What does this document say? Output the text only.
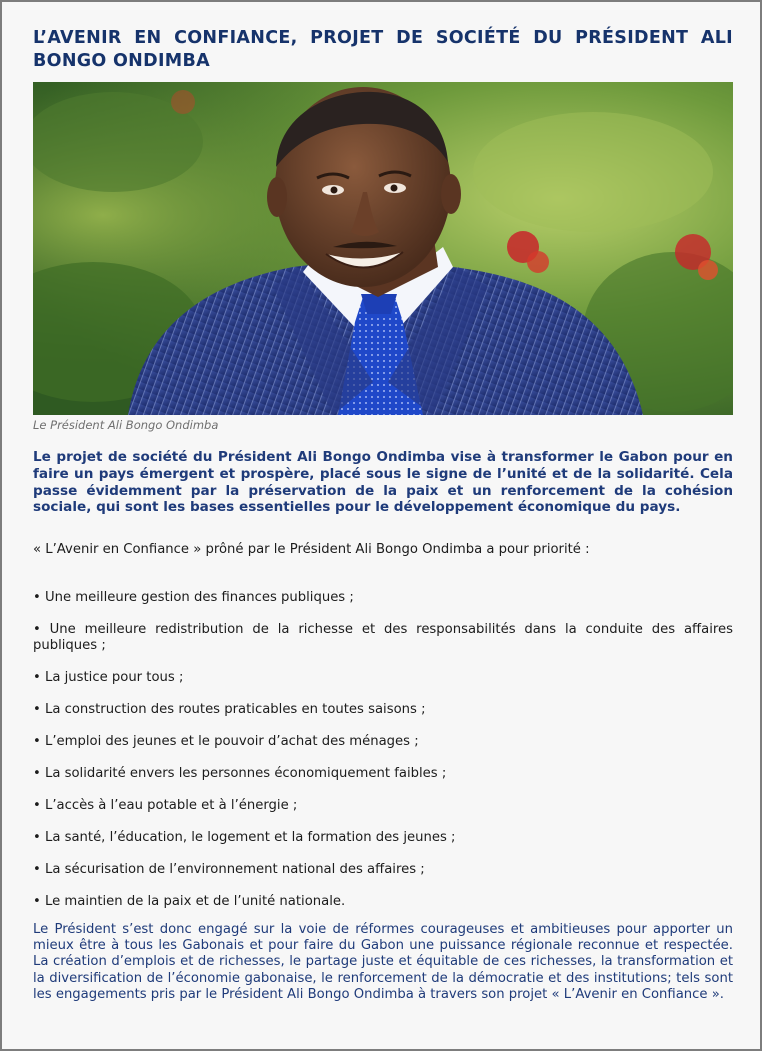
L’AVENIR EN CONFIANCE, PROJET DE SOCIÉTÉ DU PRÉSIDENT ALI BONGO ONDIMBA
Le Président Ali Bongo Ondimba

Le projet de société du Président Ali Bongo Ondimba vise à transformer le Gabon pour en faire un pays émergent et prospère, placé sous le signe de l’unité et de la solidarité. Cela passe évidemment par la préservation de la paix et un renforcement de la cohésion sociale, qui sont les bases essentielles pour le développement économique du pays.

« L’Avenir en Confiance » prôné par le Président Ali Bongo Ondimba a pour priorité :

• Une meilleure gestion des finances publiques ;
• Une meilleure redistribution de la richesse et des responsabilités dans la conduite des affaires publiques ;
• La justice pour tous ;
• La construction des routes praticables en toutes saisons ;
• L’emploi des jeunes et le pouvoir d’achat des ménages ;
• La solidarité envers les personnes économiquement faibles ;
• L’accès à l’eau potable et à l’énergie ;
• La santé, l’éducation, le logement et la formation des jeunes ;
• La sécurisation de l’environnement national des affaires ;
• Le maintien de la paix et de l’unité nationale.

Le Président s’est donc engagé sur la voie de réformes courageuses et ambitieuses pour apporter un mieux être à tous les Gabonais et pour faire du Gabon une puissance régionale reconnue et respectée. La création d’emplois et de richesses, le partage juste et équitable de ces richesses, la transformation et la diversification de l’économie gabonaise, le renforcement de la démocratie et des institutions; tels sont les engagements pris par le Président Ali Bongo Ondimba à travers son projet « L’Avenir en Confiance ».
